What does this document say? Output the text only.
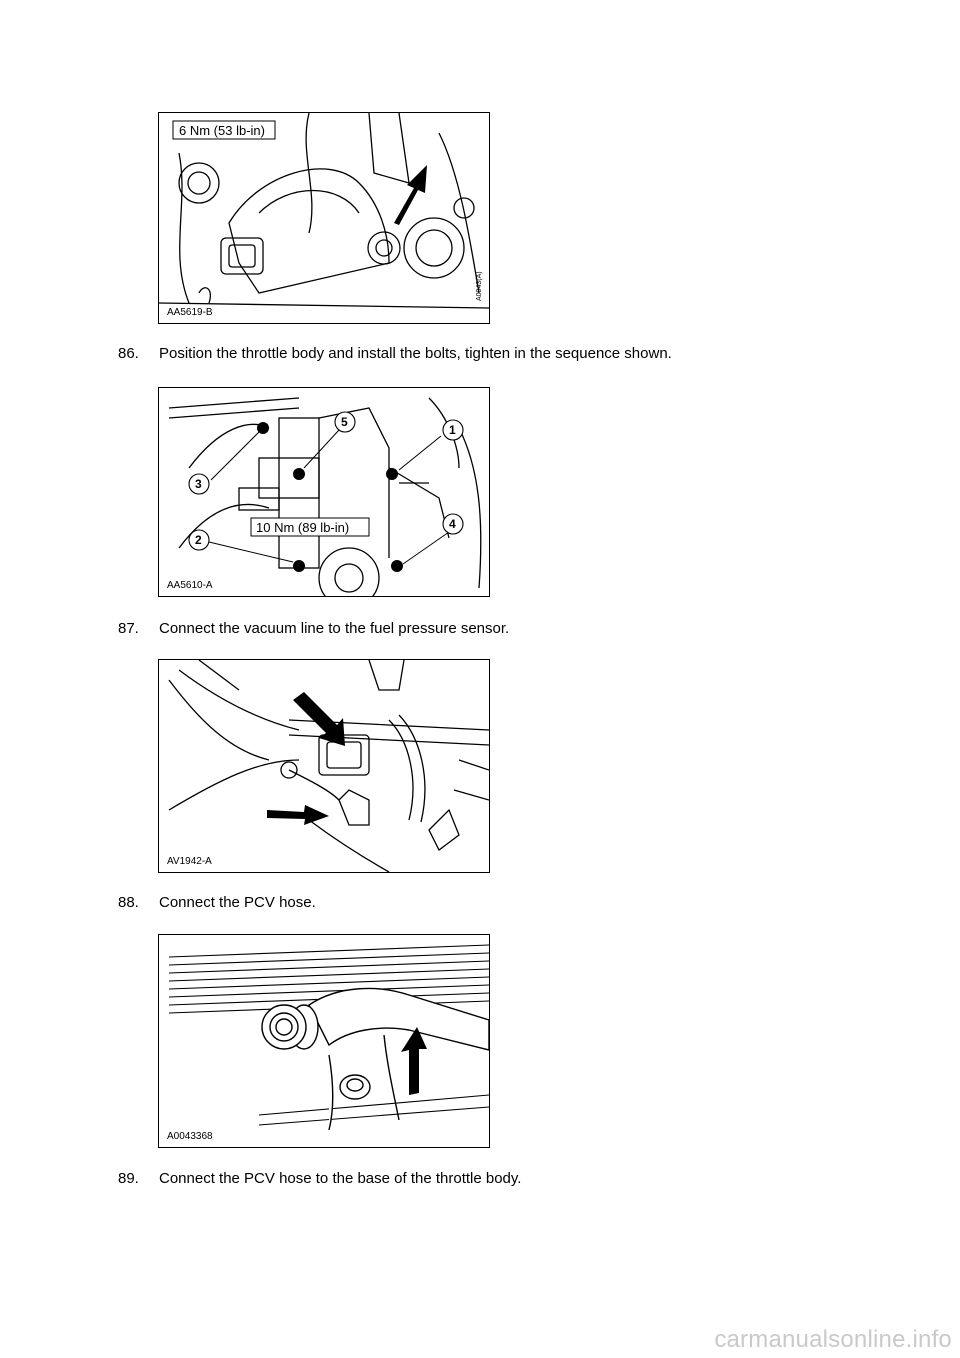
6 Nm (53 lb-in)
AA5619-B
A0043(A)
86. Position the throttle body and install the bolts, tighten in the sequence shown.
5
1
3
2
4
10 Nm (89 lb-in)
AA5610-A
87. Connect the vacuum line to the fuel pressure sensor.
AV1942-A
88. Connect the PCV hose.
A0043368
89. Connect the PCV hose to the base of the throttle body.
carmanualsonline.info
